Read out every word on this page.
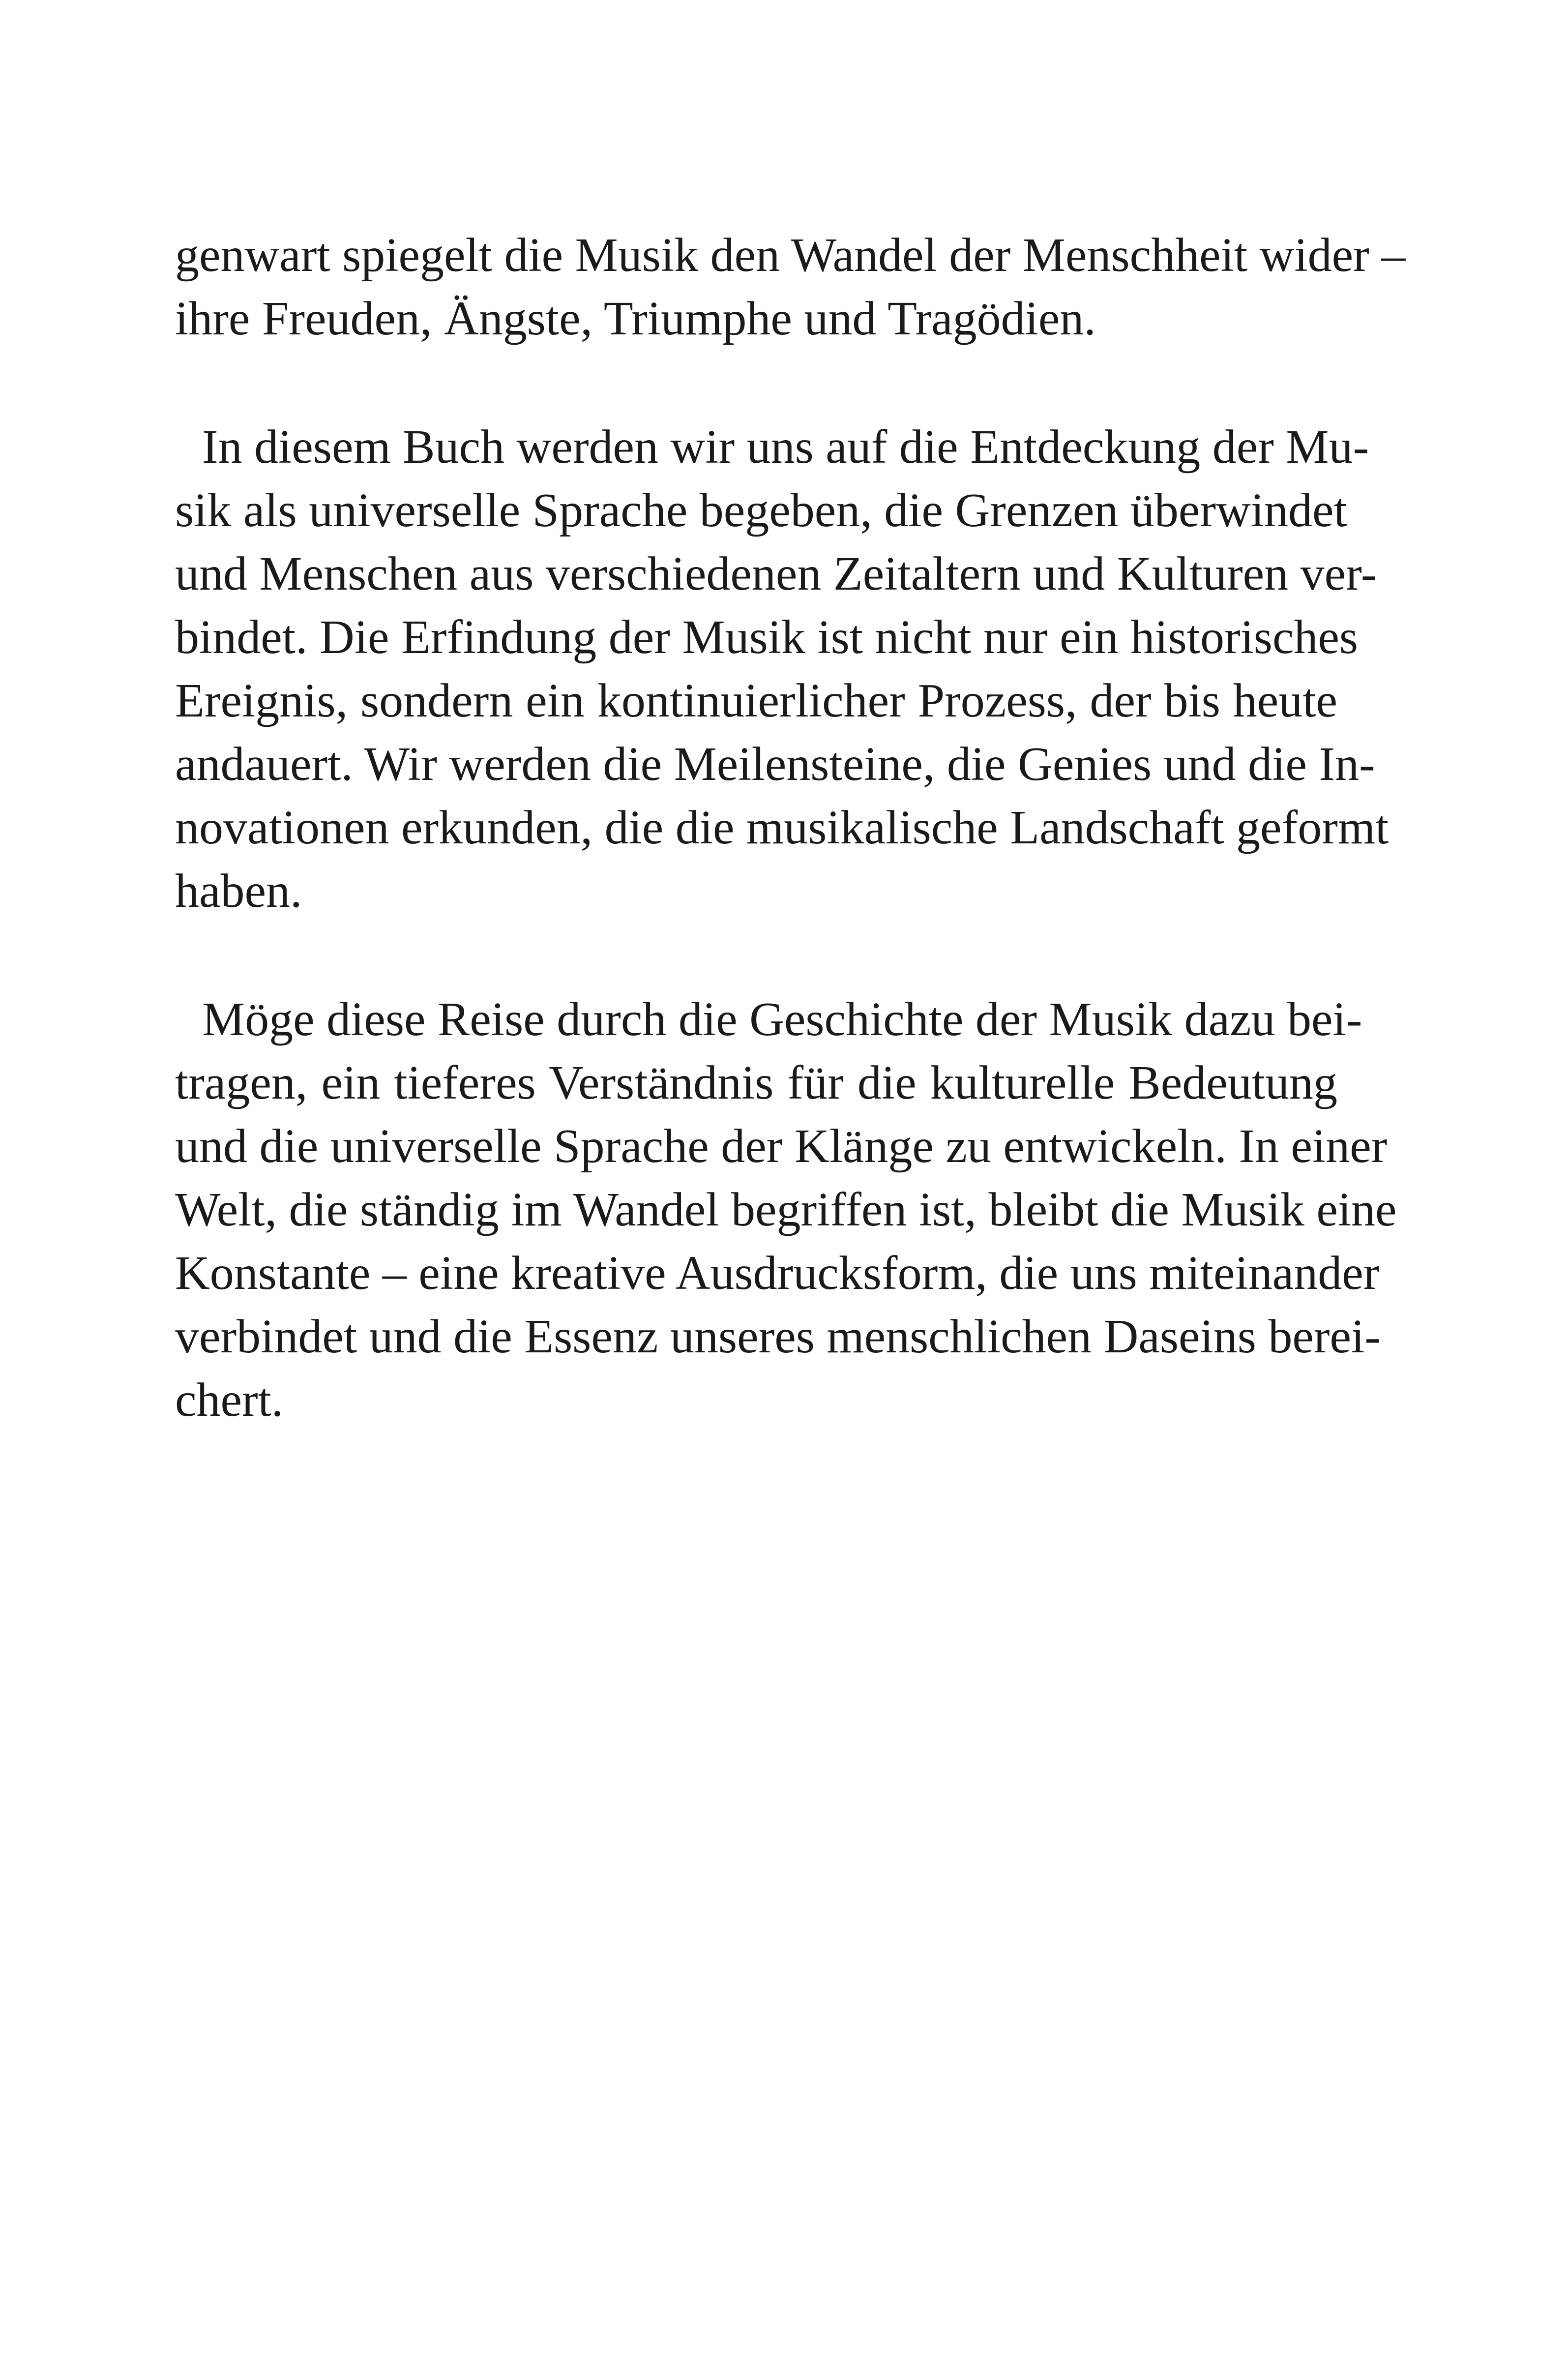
genwart spiegelt die Musik den Wandel der Menschheit wider –
ihre Freuden, Ängste, Triumphe und Tragödien.
In diesem Buch werden wir uns auf die Entdeckung der Mu-
sik als universelle Sprache begeben, die Grenzen überwindet
und Menschen aus verschiedenen Zeitaltern und Kulturen ver-
bindet. Die Erfindung der Musik ist nicht nur ein historisches
Ereignis, sondern ein kontinuierlicher Prozess, der bis heute
andauert. Wir werden die Meilensteine, die Genies und die In-
novationen erkunden, die die musikalische Landschaft geformt
haben.
Möge diese Reise durch die Geschichte der Musik dazu bei-
tragen, ein tieferes Verständnis für die kulturelle Bedeutung
und die universelle Sprache der Klänge zu entwickeln. In einer
Welt, die ständig im Wandel begriffen ist, bleibt die Musik eine
Konstante – eine kreative Ausdrucksform, die uns miteinander
verbindet und die Essenz unseres menschlichen Daseins berei-
chert.
